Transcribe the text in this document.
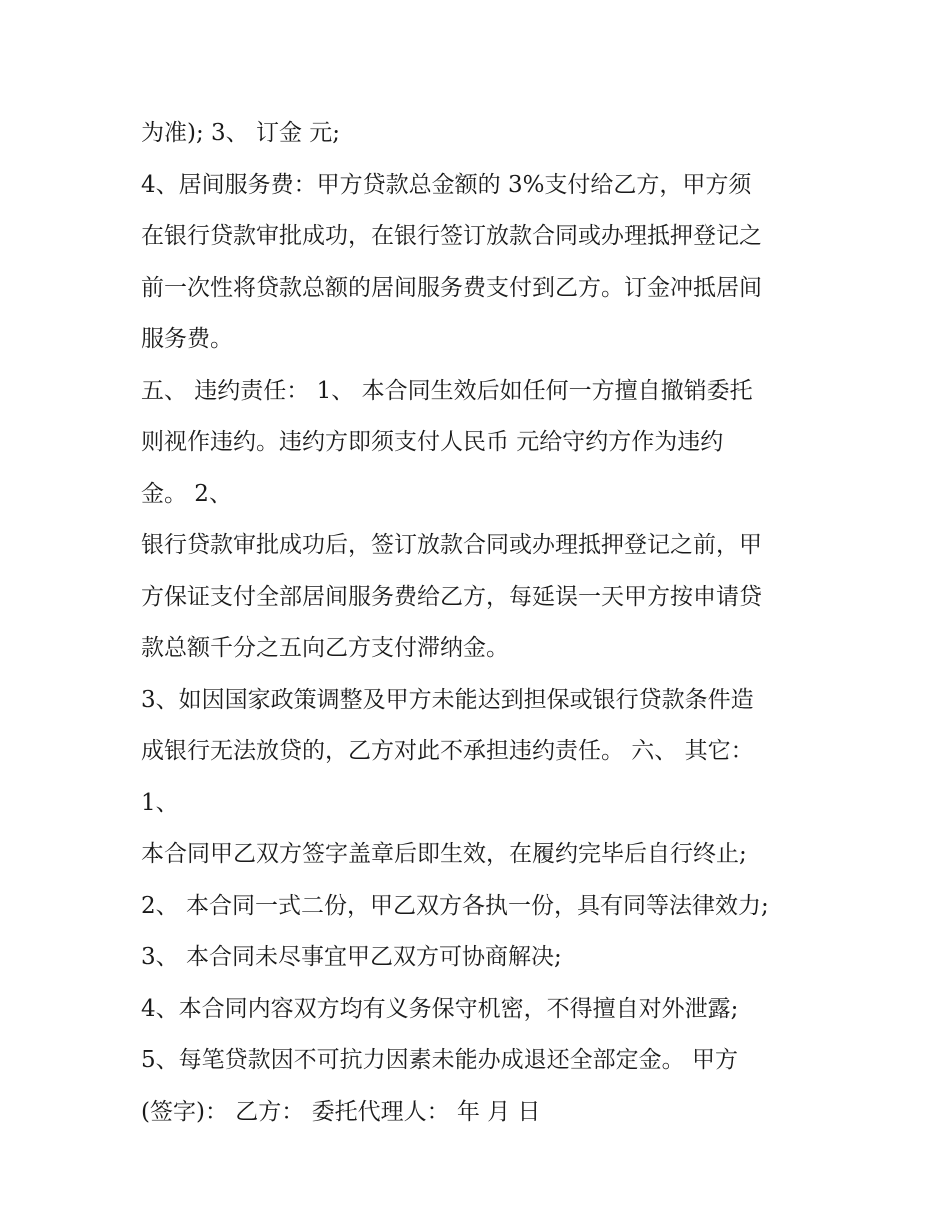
为准); 3、 订金 元;
4、居间服务费：甲方贷款总金额的 3%支付给乙方，甲方须
在银行贷款审批成功，在银行签订放款合同或办理抵押登记之
前一次性将贷款总额的居间服务费支付到乙方。订金冲抵居间
服务费。
五、 违约责任： 1、 本合同生效后如任何一方擅自撤销委托
则视作违约。违约方即须支付人民币 元给守约方作为违约
金。 2、
银行贷款审批成功后，签订放款合同或办理抵押登记之前，甲
方保证支付全部居间服务费给乙方，每延误一天甲方按申请贷
款总额千分之五向乙方支付滞纳金。
3、如因国家政策调整及甲方未能达到担保或银行贷款条件造
成银行无法放贷的，乙方对此不承担违约责任。 六、 其它：
1、
本合同甲乙双方签字盖章后即生效，在履约完毕后自行终止;
2、 本合同一式二份，甲乙双方各执一份，具有同等法律效力;
3、 本合同未尽事宜甲乙双方可协商解决;
4、本合同内容双方均有义务保守机密，不得擅自对外泄露;
5、每笔贷款因不可抗力因素未能办成退还全部定金。 甲方
(签字)： 乙方： 委托代理人： 年 月 日
